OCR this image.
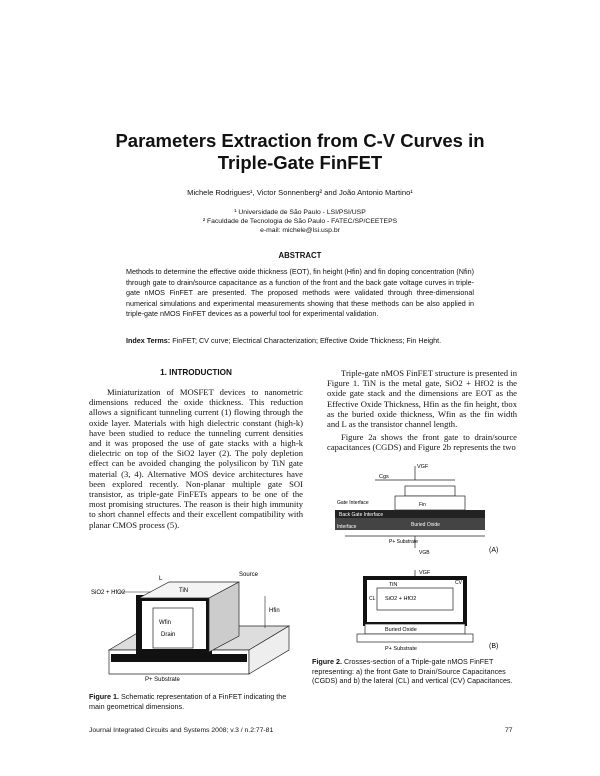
Parameters Extraction from C-V Curves in
Triple-Gate FinFET
Michele Rodrigues¹, Victor Sonnenberg² and João Antonio Martino¹
¹ Universidade de São Paulo - LSI/PSI/USP
² Faculdade de Tecnologia de São Paulo - FATEC/SP/CEETEPS
e-mail: michele@lsi.usp.br
ABSTRACT
Methods to determine the effective oxide thickness (EOT), fin height (Hfin) and fin doping concentration (Nfin) through gate to drain/source capacitance as a function of the front and the back gate voltage curves in triple-gate nMOS FinFET are presented. The proposed methods were validated through three-dimensional numerical simulations and experimental measurements showing that these methods can be also applied in triple-gate nMOS FinFET devices as a powerful tool for experimental validation.
Index Terms: FinFET; CV curve; Electrical Characterization; Effective Oxide Thickness; Fin Height.
1. INTRODUCTION
Miniaturization of MOSFET devices to nanometric dimensions reduced the oxide thickness. This reduction allows a significant tunneling current (1) flowing through the oxide layer. Materials with high dielectric constant (high-k) have been studied to reduce the tunneling current densities and it was proposed the use of gate stacks with a high-k dielectric on top of the SiO2 layer (2). The poly depletion effect can be avoided changing the polysilicon by TiN gate material (3, 4). Alternative MOS device architectures have been explored recently. Non-planar multiple gate SOI transistor, as triple-gate FinFETs appears to be one of the most promising structures. The reason is their high immunity to short channel effects and their excellent compatibility with planar CMOS process (5).
Triple-gate nMOS FinFET structure is presented in Figure 1. TiN is the metal gate, SiO2 + HfO2 is the oxide gate stack and the dimensions are EOT as the Effective Oxide Thickness, Hfin as the fin height, tbox as the buried oxide thickness, Wfin as the fin width and L as the transistor channel length.
Figure 2a shows the front gate to drain/source capacitances (CGDS) and Figure 2b represents the two
Source
SiO2 + HfO2
Wfin
Hfin
Drain
TiN
Buried Oxide
P+ Substrate
L
Figure 1. Schematic representation of a FinFET indicating the main geometrical dimensions.
VGF
Cgs
Gate Interface
Back Gate Interface
Buried Oxide
Fin
Interface
P+ Substrate
VGB	(A)
VGF
TiN
SiO2 + HfO2
Buried Oxide
P+ Substrate
CL
CV
(B)
Figure 2. Crosses-section of a Triple-gate nMOS FinFET representing: a) the front Gate to Drain/Source Capacitances (CGDS) and b) the lateral (CL) and vertical (CV) Capacitances.
Journal Integrated Circuits and Systems 2008; v.3 / n.2:77-81	77
